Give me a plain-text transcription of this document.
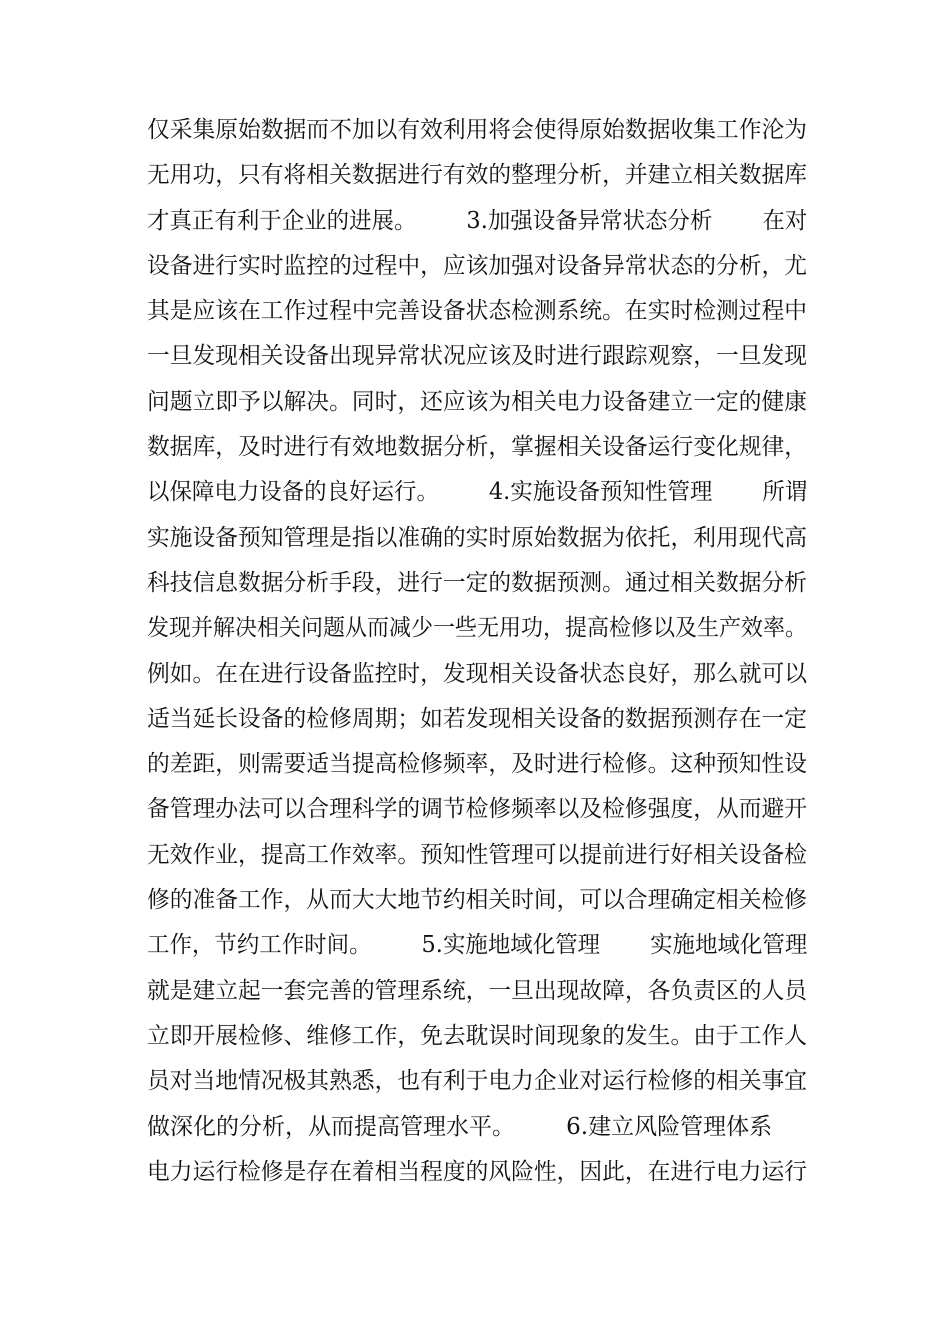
仅采集原始数据而不加以有效利用将会使得原始数据收集工作沦为
无用功，只有将相关数据进行有效的整理分析，并建立相关数据库
才真正有利于企业的进展。       3.加强设备异常状态分析       在对
设备进行实时监控的过程中，应该加强对设备异常状态的分析，尤
其是应该在工作过程中完善设备状态检测系统。在实时检测过程中
一旦发现相关设备出现异常状况应该及时进行跟踪观察，一旦发现
问题立即予以解决。同时，还应该为相关电力设备建立一定的健康
数据库，及时进行有效地数据分析，掌握相关设备运行变化规律，
以保障电力设备的良好运行。       4.实施设备预知性管理       所谓
实施设备预知管理是指以准确的实时原始数据为依托，利用现代高
科技信息数据分析手段，进行一定的数据预测。通过相关数据分析
发现并解决相关问题从而减少一些无用功，提高检修以及生产效率。
例如。在在进行设备监控时，发现相关设备状态良好，那么就可以
适当延长设备的检修周期；如若发现相关设备的数据预测存在一定
的差距，则需要适当提高检修频率，及时进行检修。这种预知性设
备管理办法可以合理科学的调节检修频率以及检修强度，从而避开
无效作业，提高工作效率。预知性管理可以提前进行好相关设备检
修的准备工作，从而大大地节约相关时间，可以合理确定相关检修
工作，节约工作时间。       5.实施地域化管理       实施地域化管理
就是建立起一套完善的管理系统，一旦出现故障，各负责区的人员
立即开展检修、维修工作，免去耽误时间现象的发生。由于工作人
员对当地情况极其熟悉，也有利于电力企业对运行检修的相关事宜
做深化的分析，从而提高管理水平。       6.建立风险管理体系
电力运行检修是存在着相当程度的风险性，因此，在进行电力运行
